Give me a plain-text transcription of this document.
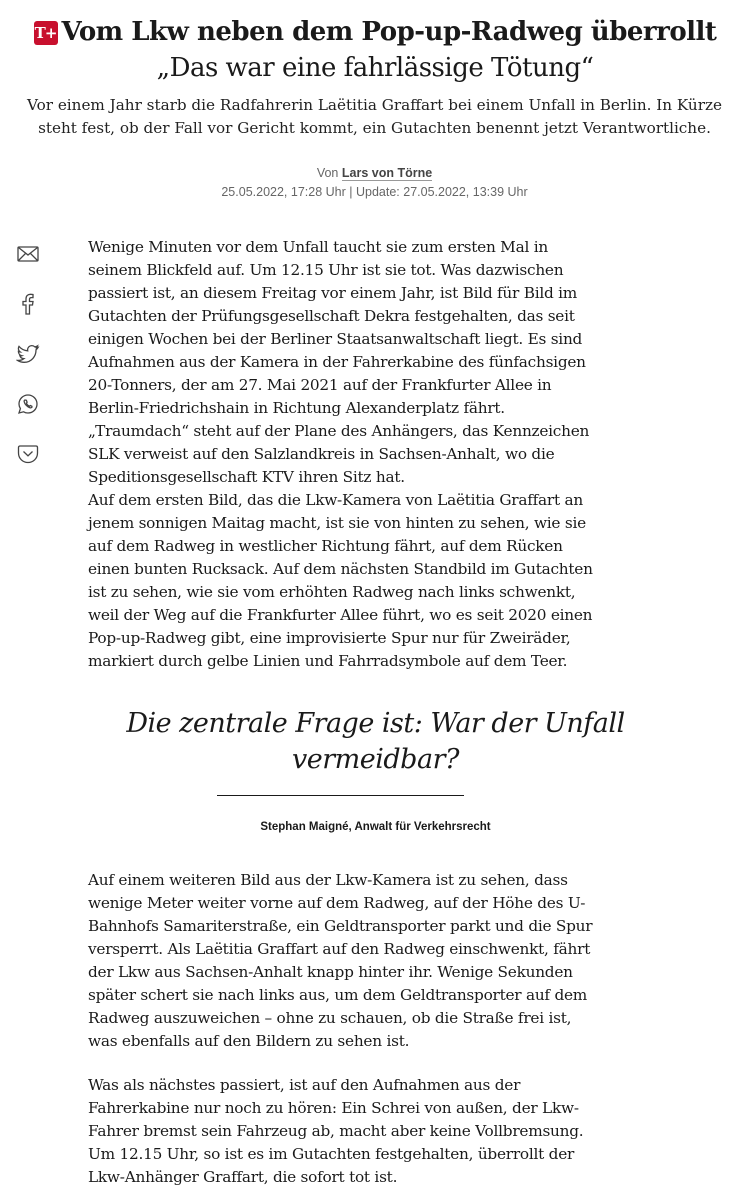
T+ Vom Lkw neben dem Pop-up-Radweg überrollt „Das war eine fahrlässige Tötung“

Vor einem Jahr starb die Radfahrerin Laëtitia Graffart bei einem Unfall in Berlin. In Kürze steht fest, ob der Fall vor Gericht kommt, ein Gutachten benennt jetzt Verantwortliche.

Von Lars von Törne
25.05.2022, 17:28 Uhr | Update: 27.05.2022, 13:39 Uhr

Wenige Minuten vor dem Unfall taucht sie zum ersten Mal in seinem Blickfeld auf. Um 12.15 Uhr ist sie tot. Was dazwischen passiert ist, an diesem Freitag vor einem Jahr, ist Bild für Bild im Gutachten der Prüfungsgesellschaft Dekra festgehalten, das seit einigen Wochen bei der Berliner Staatsanwaltschaft liegt. Es sind Aufnahmen aus der Kamera in der Fahrerkabine des fünfachsigen 20-Tonners, der am 27. Mai 2021 auf der Frankfurter Allee in Berlin-Friedrichshain in Richtung Alexanderplatz fährt. „Traumdach“ steht auf der Plane des Anhängers, das Kennzeichen SLK verweist auf den Salzlandkreis in Sachsen-Anhalt, wo die Speditionsgesellschaft KTV ihren Sitz hat.

Auf dem ersten Bild, das die Lkw-Kamera von Laëtitia Graffart an jenem sonnigen Maitag macht, ist sie von hinten zu sehen, wie sie auf dem Radweg in westlicher Richtung fährt, auf dem Rücken einen bunten Rucksack. Auf dem nächsten Standbild im Gutachten ist zu sehen, wie sie vom erhöhten Radweg nach links schwenkt, weil der Weg auf die Frankfurter Allee führt, wo es seit 2020 einen Pop-up-Radweg gibt, eine improvisierte Spur nur für Zweiräder, markiert durch gelbe Linien und Fahrradsymbole auf dem Teer.

Die zentrale Frage ist: War der Unfall vermeidbar?
Stephan Maigné, Anwalt für Verkehrsrecht

Auf einem weiteren Bild aus der Lkw-Kamera ist zu sehen, dass wenige Meter weiter vorne auf dem Radweg, auf der Höhe des U-Bahnhofs Samariterstraße, ein Geldtransporter parkt und die Spur versperrt. Als Laëtitia Graffart auf den Radweg einschwenkt, fährt der Lkw aus Sachsen-Anhalt knapp hinter ihr. Wenige Sekunden später schert sie nach links aus, um dem Geldtransporter auf dem Radweg auszuweichen – ohne zu schauen, ob die Straße frei ist, was ebenfalls auf den Bildern zu sehen ist.

Was als nächstes passiert, ist auf den Aufnahmen aus der Fahrerkabine nur noch zu hören: Ein Schrei von außen, der Lkw-Fahrer bremst sein Fahrzeug ab, macht aber keine Vollbremsung. Um 12.15 Uhr, so ist es im Gutachten festgehalten, überrollt der Lkw-Anhänger Graffart, die sofort tot ist.
